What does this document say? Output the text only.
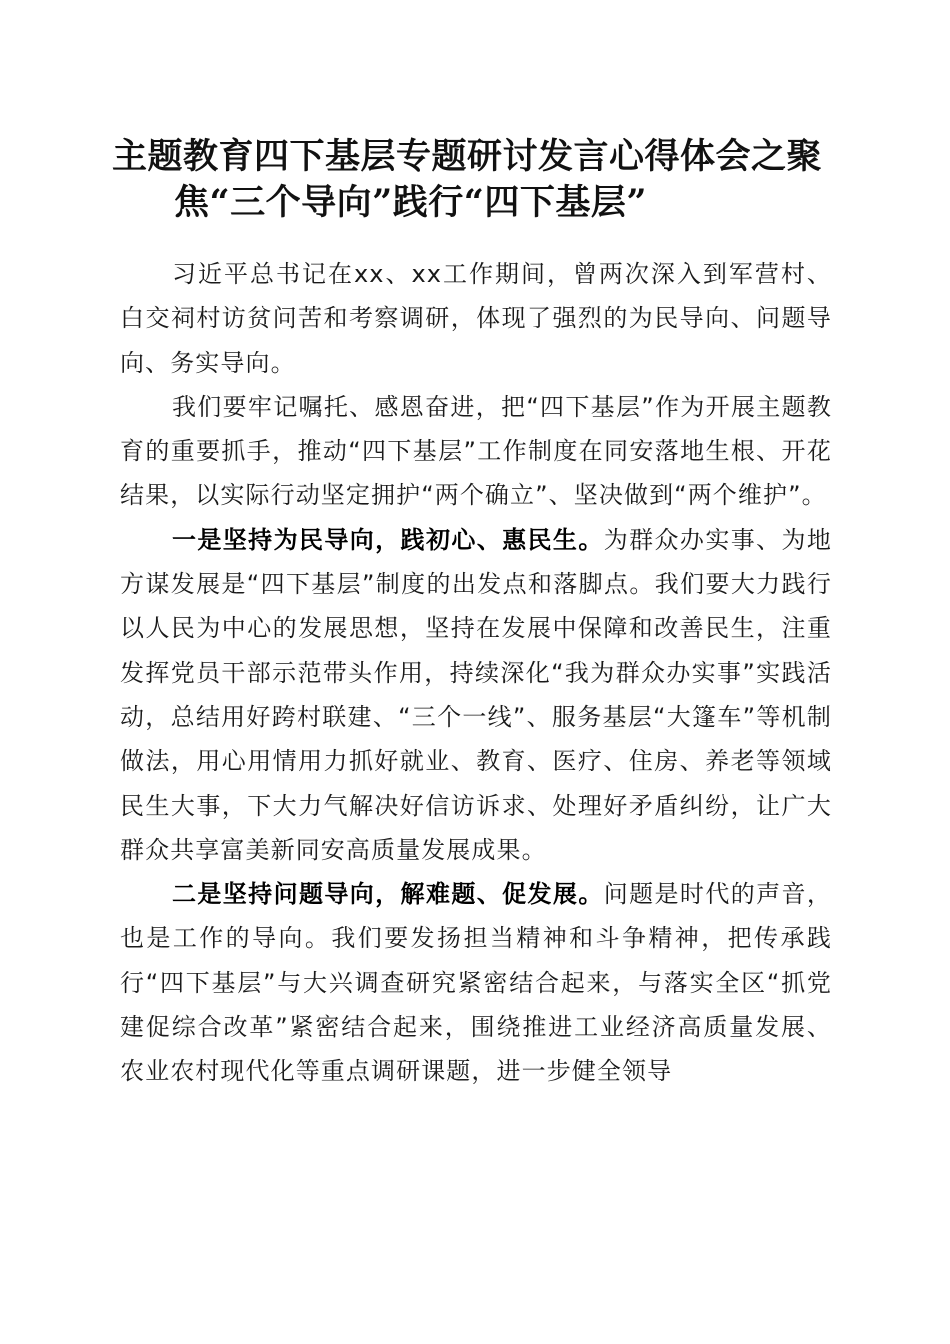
主题教育四下基层专题研讨发言心得体会之聚
焦“三个导向”践行“四下基层”

习近平总书记在xx、xx工作期间，曾两次深入到军营村、白交祠村访贫问苦和考察调研，体现了强烈的为民导向、问题导向、务实导向。

我们要牢记嘱托、感恩奋进，把“四下基层”作为开展主题教育的重要抓手，推动“四下基层”工作制度在同安落地生根、开花结果，以实际行动坚定拥护“两个确立”、坚决做到“两个维护”。

一是坚持为民导向，践初心、惠民生。为群众办实事、为地方谋发展是“四下基层”制度的出发点和落脚点。我们要大力践行以人民为中心的发展思想，坚持在发展中保障和改善民生，注重发挥党员干部示范带头作用，持续深化“我为群众办实事”实践活动，总结用好跨村联建、“三个一线”、服务基层“大篷车”等机制做法，用心用情用力抓好就业、教育、医疗、住房、养老等领域民生大事，下大力气解决好信访诉求、处理好矛盾纠纷，让广大群众共享富美新同安高质量发展成果。

二是坚持问题导向，解难题、促发展。问题是时代的声音，也是工作的导向。我们要发扬担当精神和斗争精神，把传承践行“四下基层”与大兴调查研究紧密结合起来，与落实全区“抓党建促综合改革”紧密结合起来，围绕推进工业经济高质量发展、农业农村现代化等重点调研课题，进一步健全领导
